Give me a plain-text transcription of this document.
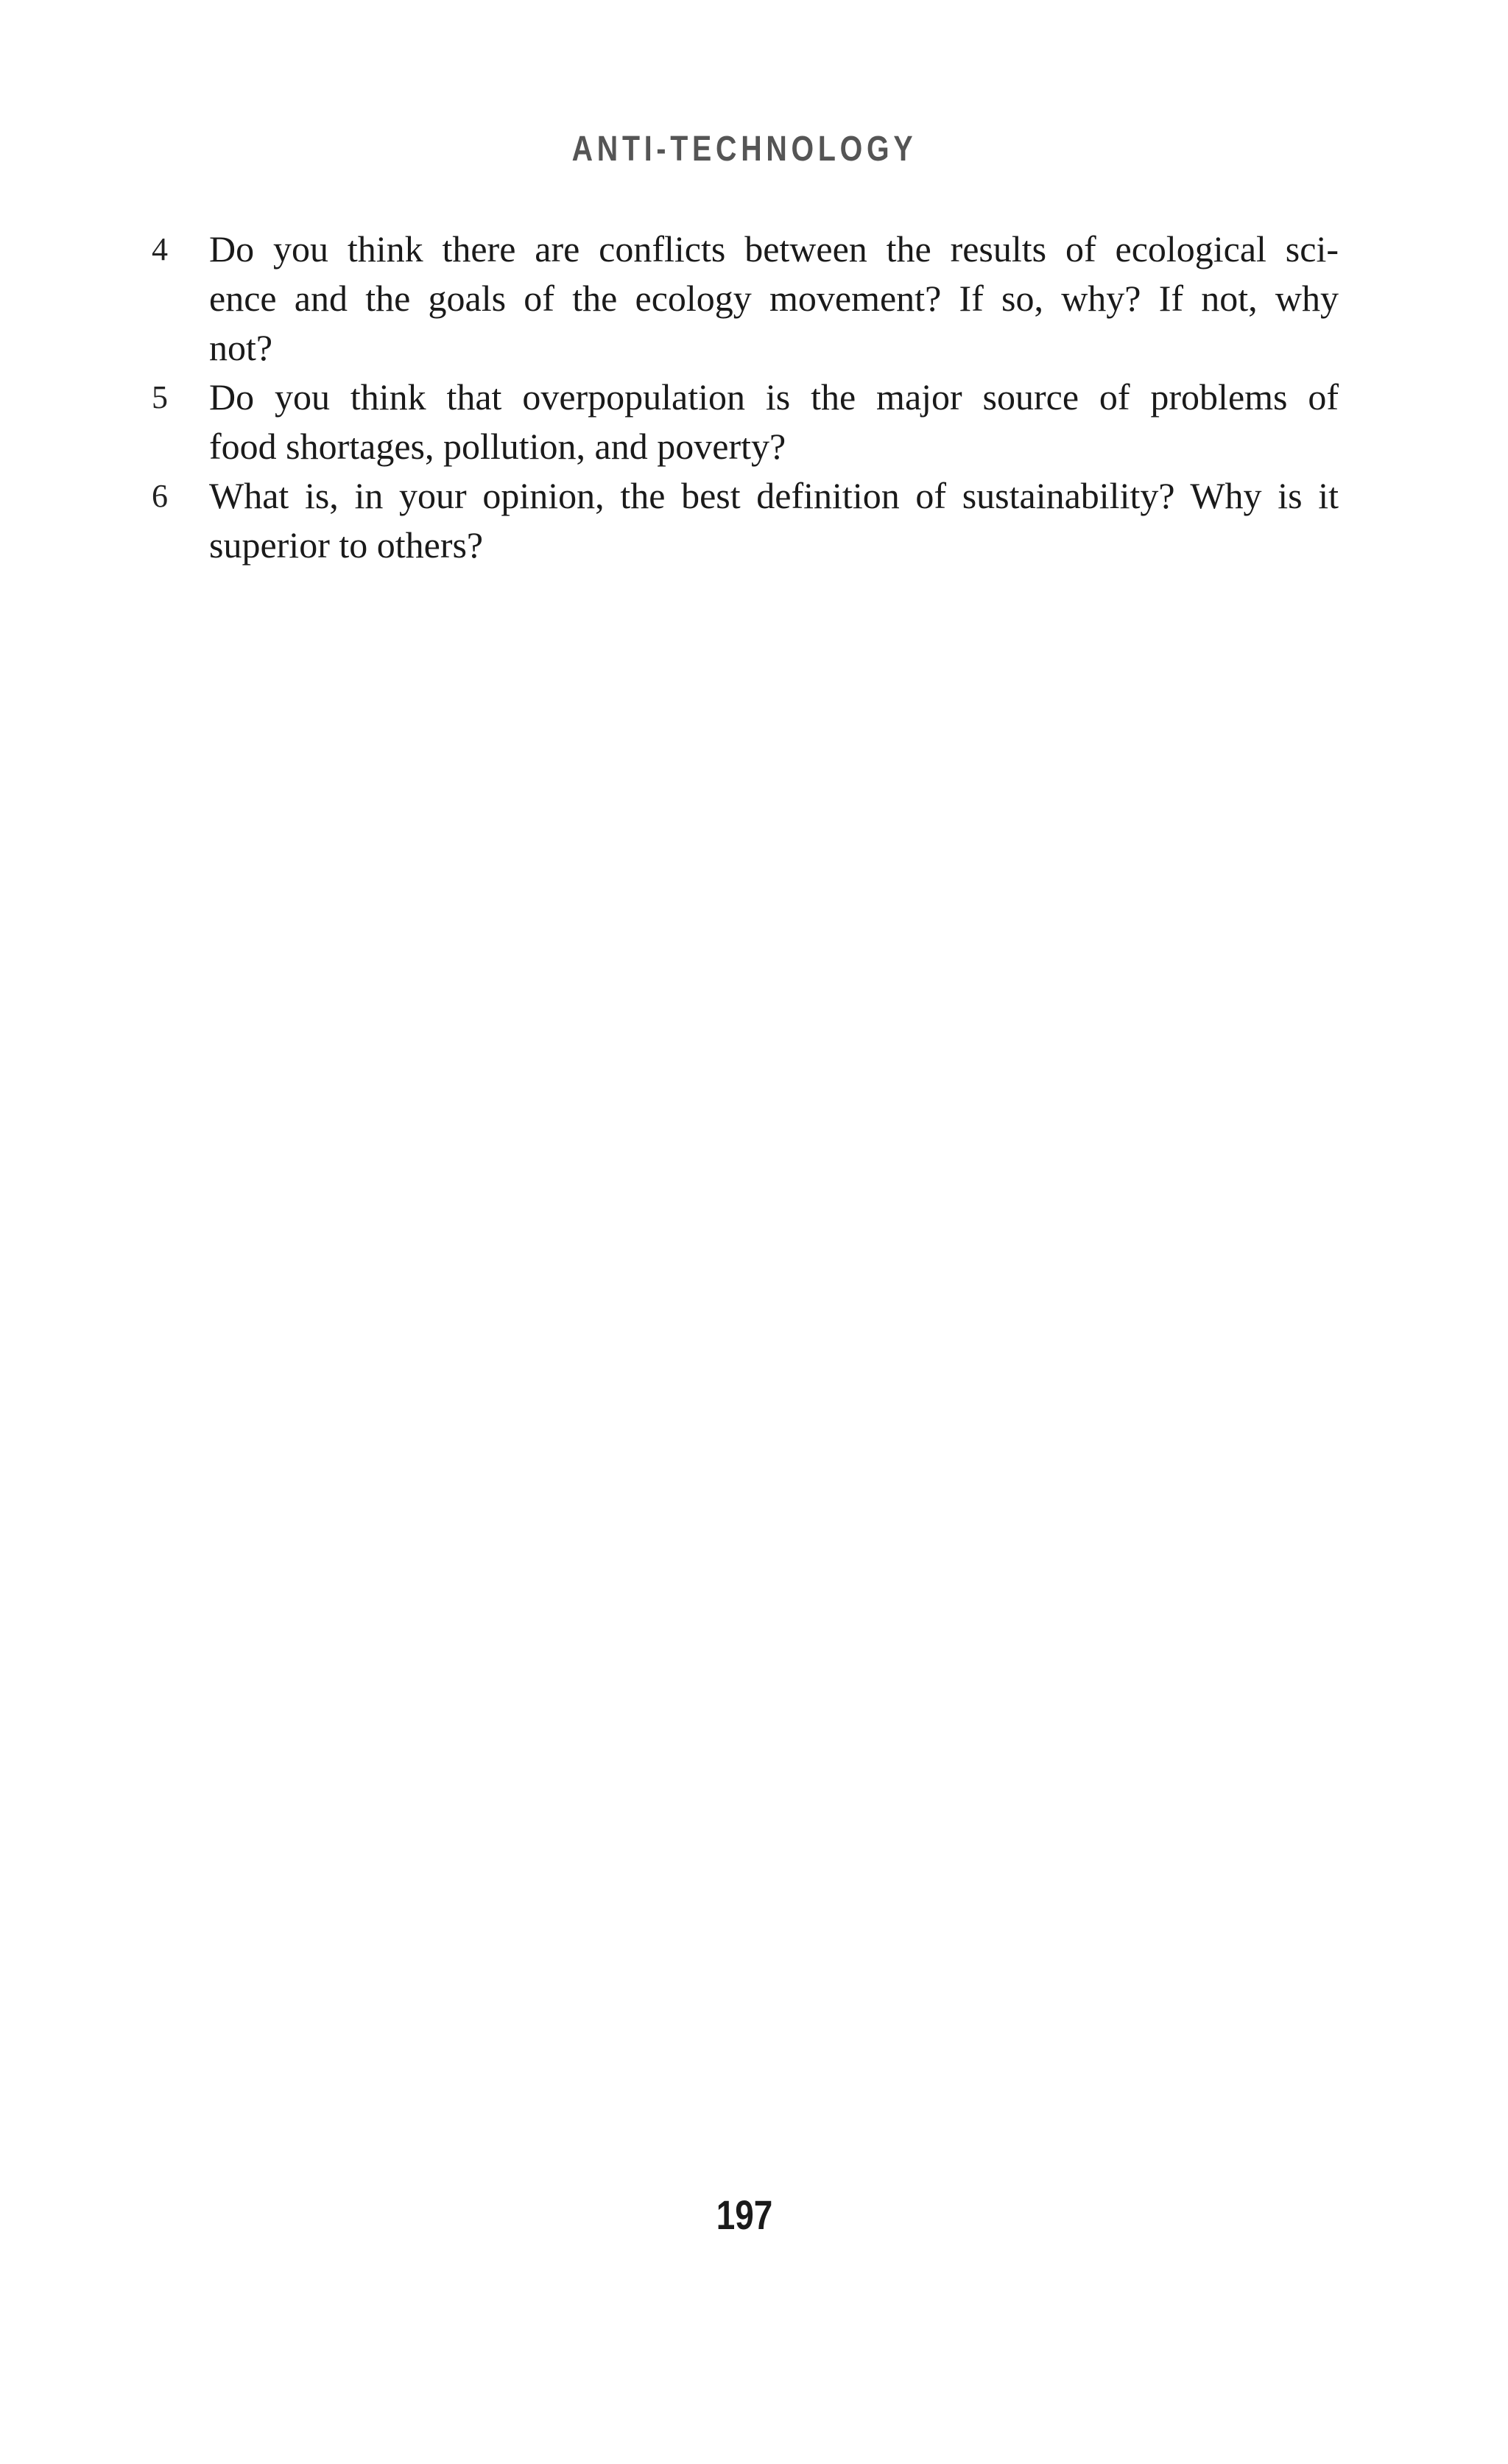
ANTI-TECHNOLOGY
4 Do you think there are conflicts between the results of ecological sci-
ence and the goals of the ecology movement? If so, why? If not, why
not?
5 Do you think that overpopulation is the major source of problems of
food shortages, pollution, and poverty?
6 What is, in your opinion, the best definition of sustainability? Why is it
superior to others?
197
